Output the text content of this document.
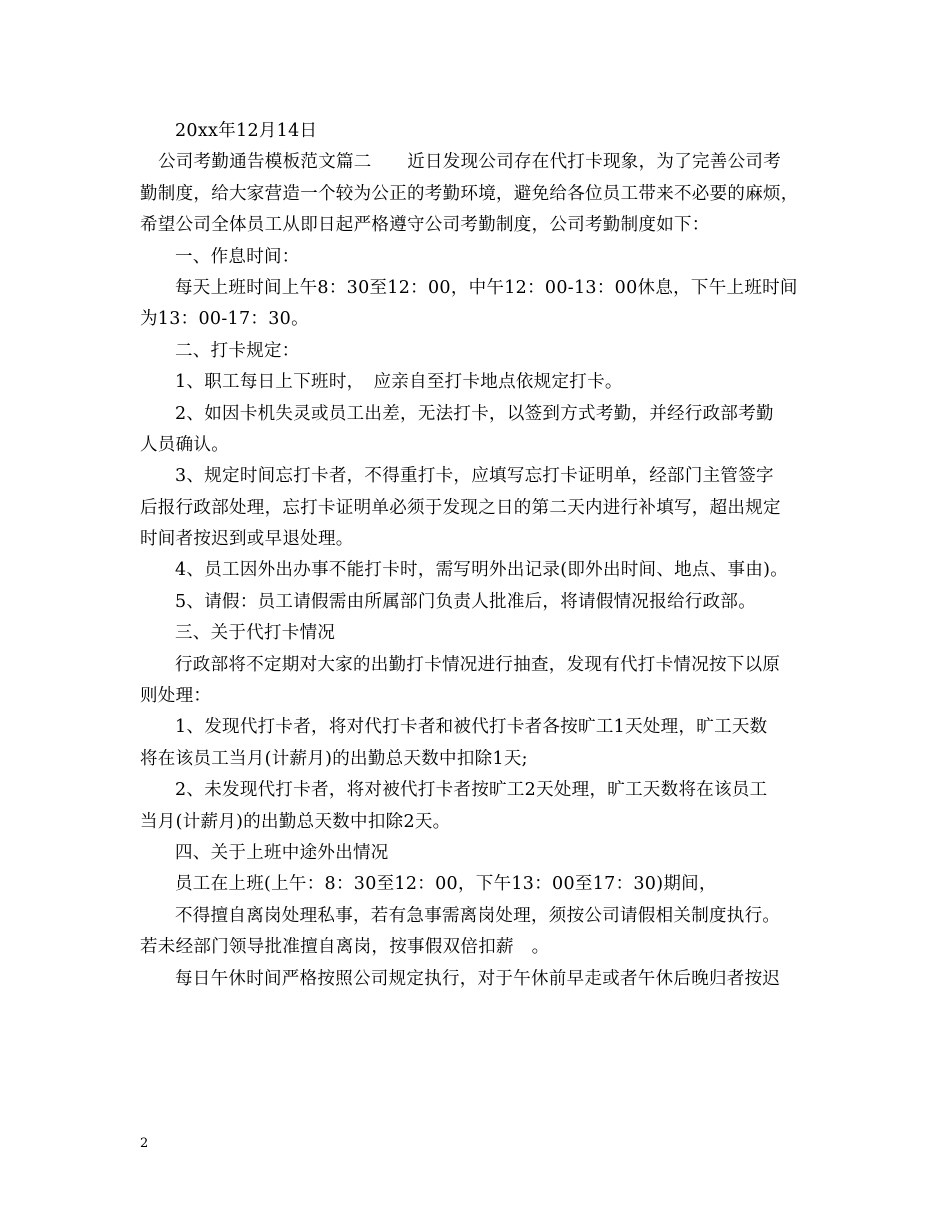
20xx年12月14日
公司考勤通告模板范文篇二　　近日发现公司存在代打卡现象，为了完善公司考
勤制度，给大家营造一个较为公正的考勤环境，避免给各位员工带来不必要的麻烦，
希望公司全体员工从即日起严格遵守公司考勤制度，公司考勤制度如下：
一、作息时间：
每天上班时间上午8：30至12：00，中午12：00-13：00休息，下午上班时间
为13：00-17：30。
二、打卡规定：
1、职工每日上下班时，　应亲自至打卡地点依规定打卡。
2、如因卡机失灵或员工出差，无法打卡，以签到方式考勤，并经行政部考勤
人员确认。
3、规定时间忘打卡者，不得重打卡，应填写忘打卡证明单，经部门主管签字
后报行政部处理，忘打卡证明单必须于发现之日的第二天内进行补填写，超出规定
时间者按迟到或早退处理。
4、员工因外出办事不能打卡时，需写明外出记录(即外出时间、地点、事由)。
5、请假：员工请假需由所属部门负责人批准后，将请假情况报给行政部。
三、关于代打卡情况
行政部将不定期对大家的出勤打卡情况进行抽查，发现有代打卡情况按下以原
则处理：
1、发现代打卡者，将对代打卡者和被代打卡者各按旷工1天处理，旷工天数
将在该员工当月(计薪月)的出勤总天数中扣除1天;
2、未发现代打卡者，将对被代打卡者按旷工2天处理，旷工天数将在该员工
当月(计薪月)的出勤总天数中扣除2天。
四、关于上班中途外出情况
员工在上班(上午：8：30至12：00，下午13：00至17：30)期间，
不得擅自离岗处理私事，若有急事需离岗处理，须按公司请假相关制度执行。
若未经部门领导批准擅自离岗，按事假双倍扣薪　。
每日午休时间严格按照公司规定执行，对于午休前早走或者午休后晚归者按迟
2
